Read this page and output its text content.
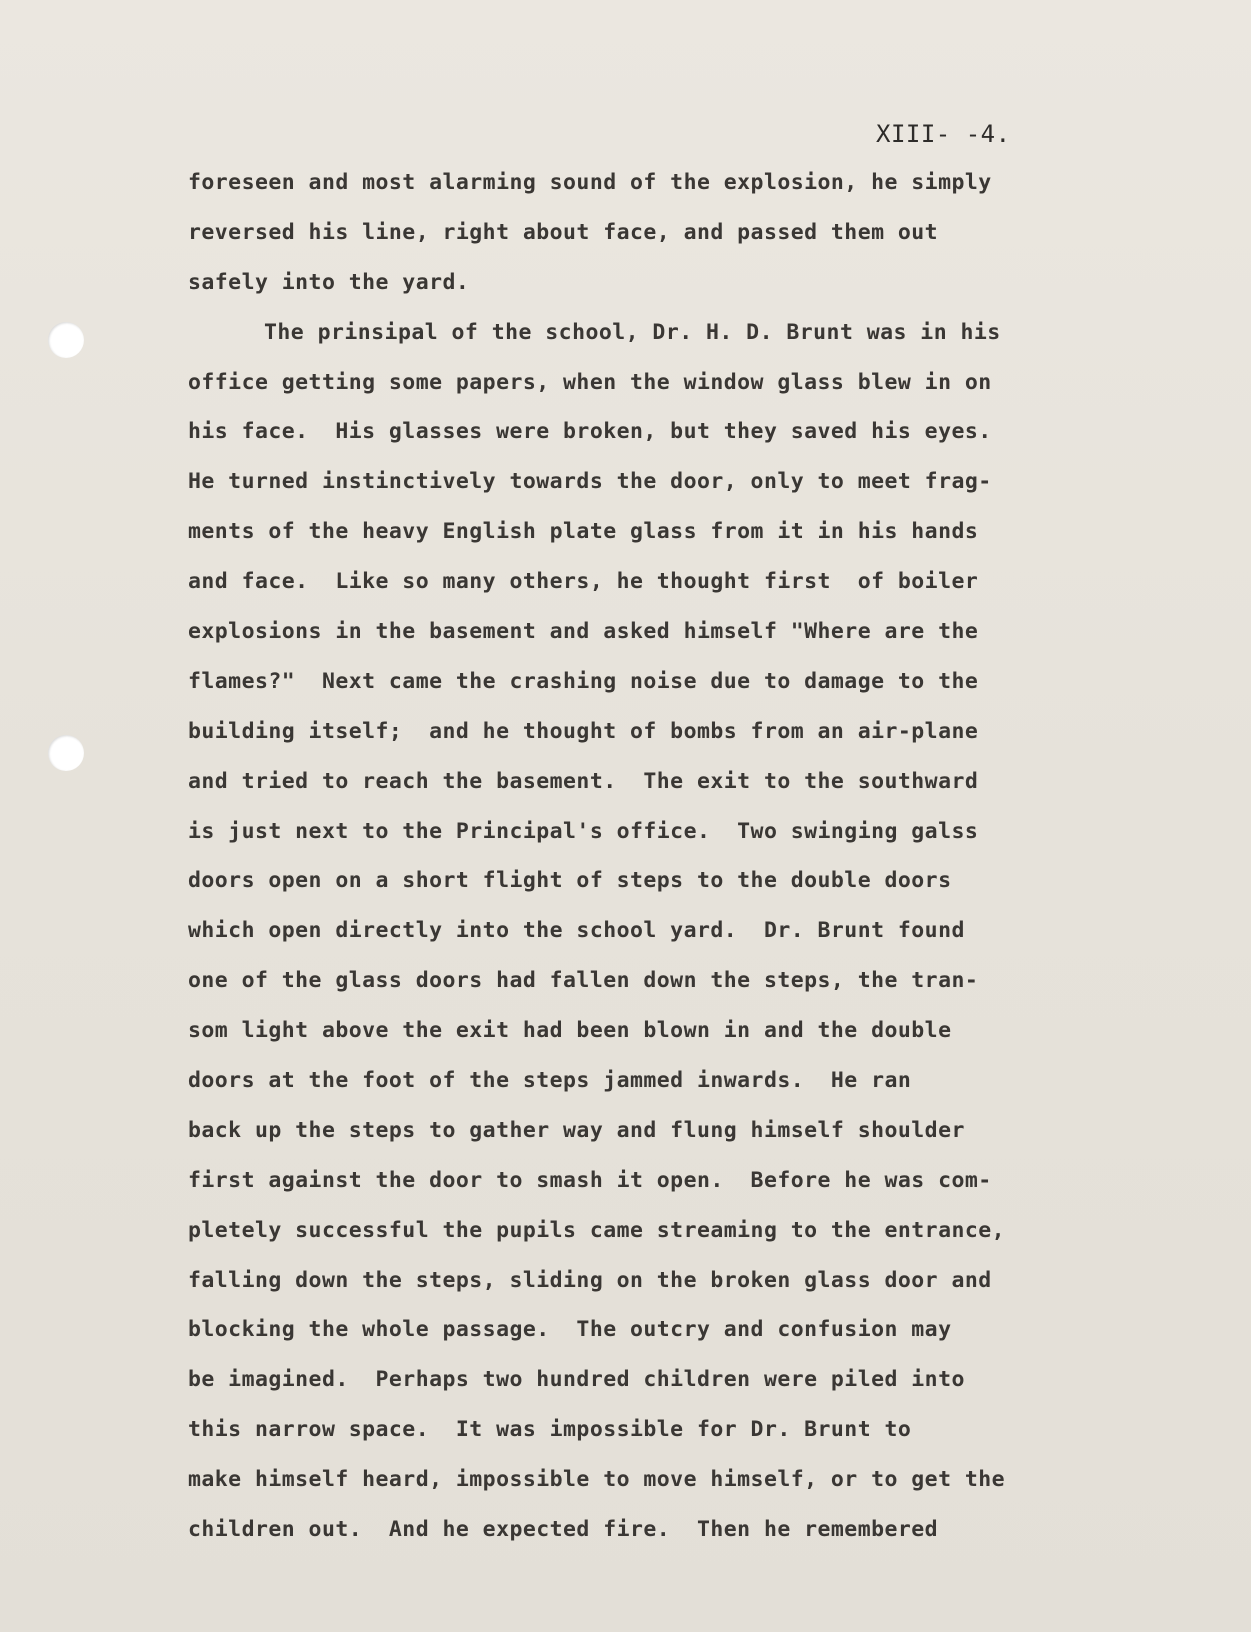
XIII- -4.
foreseen and most alarming sound of the explosion, he simply
reversed his line, right about face, and passed them out
safely into the yard.
The prinsipal of the school, Dr. H. D. Brunt was in his
office getting some papers, when the window glass blew in on
his face.  His glasses were broken, but they saved his eyes.
He turned instinctively towards the door, only to meet frag-
ments of the heavy English plate glass from it in his hands
and face.  Like so many others, he thought first  of boiler
explosions in the basement and asked himself "Where are the
flames?"  Next came the crashing noise due to damage to the
building itself;  and he thought of bombs from an air-plane
and tried to reach the basement.  The exit to the southward
is just next to the Principal's office.  Two swinging galss
doors open on a short flight of steps to the double doors
which open directly into the school yard.  Dr. Brunt found
one of the glass doors had fallen down the steps, the tran-
som light above the exit had been blown in and the double
doors at the foot of the steps jammed inwards.  He ran
back up the steps to gather way and flung himself shoulder
first against the door to smash it open.  Before he was com-
pletely successful the pupils came streaming to the entrance,
falling down the steps, sliding on the broken glass door and
blocking the whole passage.  The outcry and confusion may
be imagined.  Perhaps two hundred children were piled into
this narrow space.  It was impossible for Dr. Brunt to
make himself heard, impossible to move himself, or to get the
children out.  And he expected fire.  Then he remembered
